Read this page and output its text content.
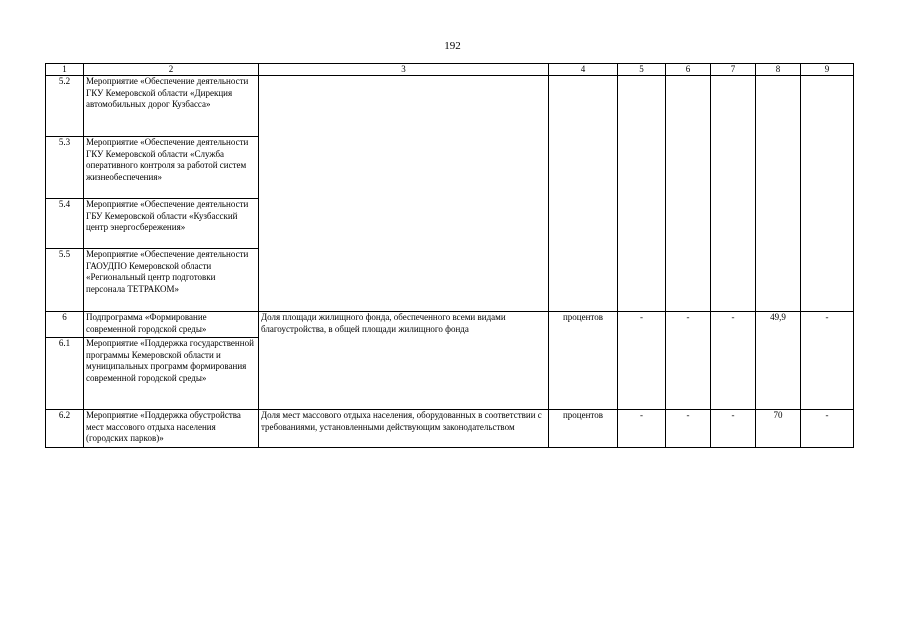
192
1	2	3	4	5	6	7	8	9
5.2	Мероприятие «Обеспечение деятельности ГКУ Кемеровской области «Дирекция автомобильных дорог Кузбасса»							
5.3	Мероприятие «Обеспечение деятельности ГКУ Кемеровской области «Служба оперативного контроля за работой систем жизнеобеспечения»							
5.4	Мероприятие «Обеспечение деятельности ГБУ Кемеровской области «Кузбасский центр энергосбережения»							
5.5	Мероприятие «Обеспечение деятельности ГАОУДПО Кемеровской области «Региональный центр подготовки персонала ТЕТРАКОМ»							
6	Подпрограмма «Формирование современной городской среды»	Доля площади жилищного фонда, обеспеченного всеми видами благоустройства, в общей площади жилищного фонда	процентов	-	-	-	49,9	-
6.1	Мероприятие «Поддержка государственной программы Кемеровской области и муниципальных программ формирования современной городской среды»							
6.2	Мероприятие «Поддержка обустройства мест массового отдыха населения (городских парков)»	Доля мест массового отдыха населения, оборудованных в соответствии с требованиями, установленными действующим законодательством	процентов	-	-	-	70	-
